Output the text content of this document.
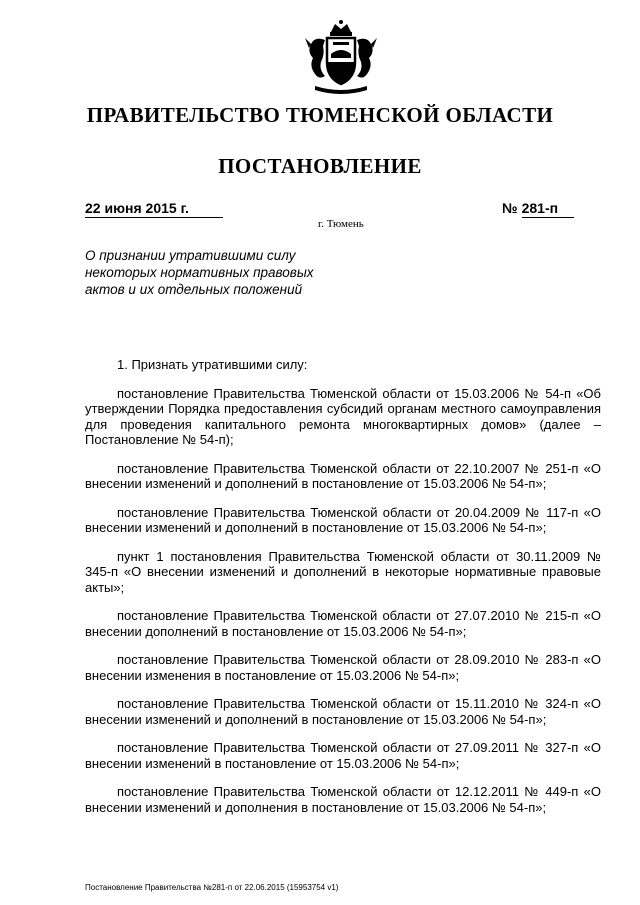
ПРАВИТЕЛЬСТВО ТЮМЕНСКОЙ ОБЛАСТИ
ПОСТАНОВЛЕНИЕ
22 июня 2015 г.	№ 281-п
г. Тюмень
О признании утратившими силу некоторых нормативных правовых актов и их отдельных положений

1. Признать утратившими силу:

постановление Правительства Тюменской области от 15.03.2006 № 54-п «Об утверждении Порядка предоставления субсидий органам местного самоуправления для проведения капитального ремонта многоквартирных домов» (далее – Постановление № 54-п);

постановление Правительства Тюменской области от 22.10.2007 № 251-п «О внесении изменений и дополнений в постановление от 15.03.2006 № 54-п»;

постановление Правительства Тюменской области от 20.04.2009 № 117-п «О внесении изменений и дополнений в постановление от 15.03.2006 № 54-п»;

пункт 1 постановления Правительства Тюменской области от 30.11.2009 № 345-п «О внесении изменений и дополнений в некоторые нормативные правовые акты»;

постановление Правительства Тюменской области от 27.07.2010 № 215-п «О внесении дополнений в постановление от 15.03.2006 № 54-п»;

постановление Правительства Тюменской области от 28.09.2010 № 283-п «О внесении изменения в постановление от 15.03.2006 № 54-п»;

постановление Правительства Тюменской области от 15.11.2010 № 324-п «О внесении изменений и дополнений в постановление от 15.03.2006 № 54-п»;

постановление Правительства Тюменской области от 27.09.2011 № 327-п «О внесении изменений в постановление от 15.03.2006 № 54-п»;

постановление Правительства Тюменской области от 12.12.2011 № 449-п «О внесении изменений и дополнения в постановление от 15.03.2006 № 54-п»;

Постановление Правительства №281-п от 22.06.2015 (15953754 v1)
